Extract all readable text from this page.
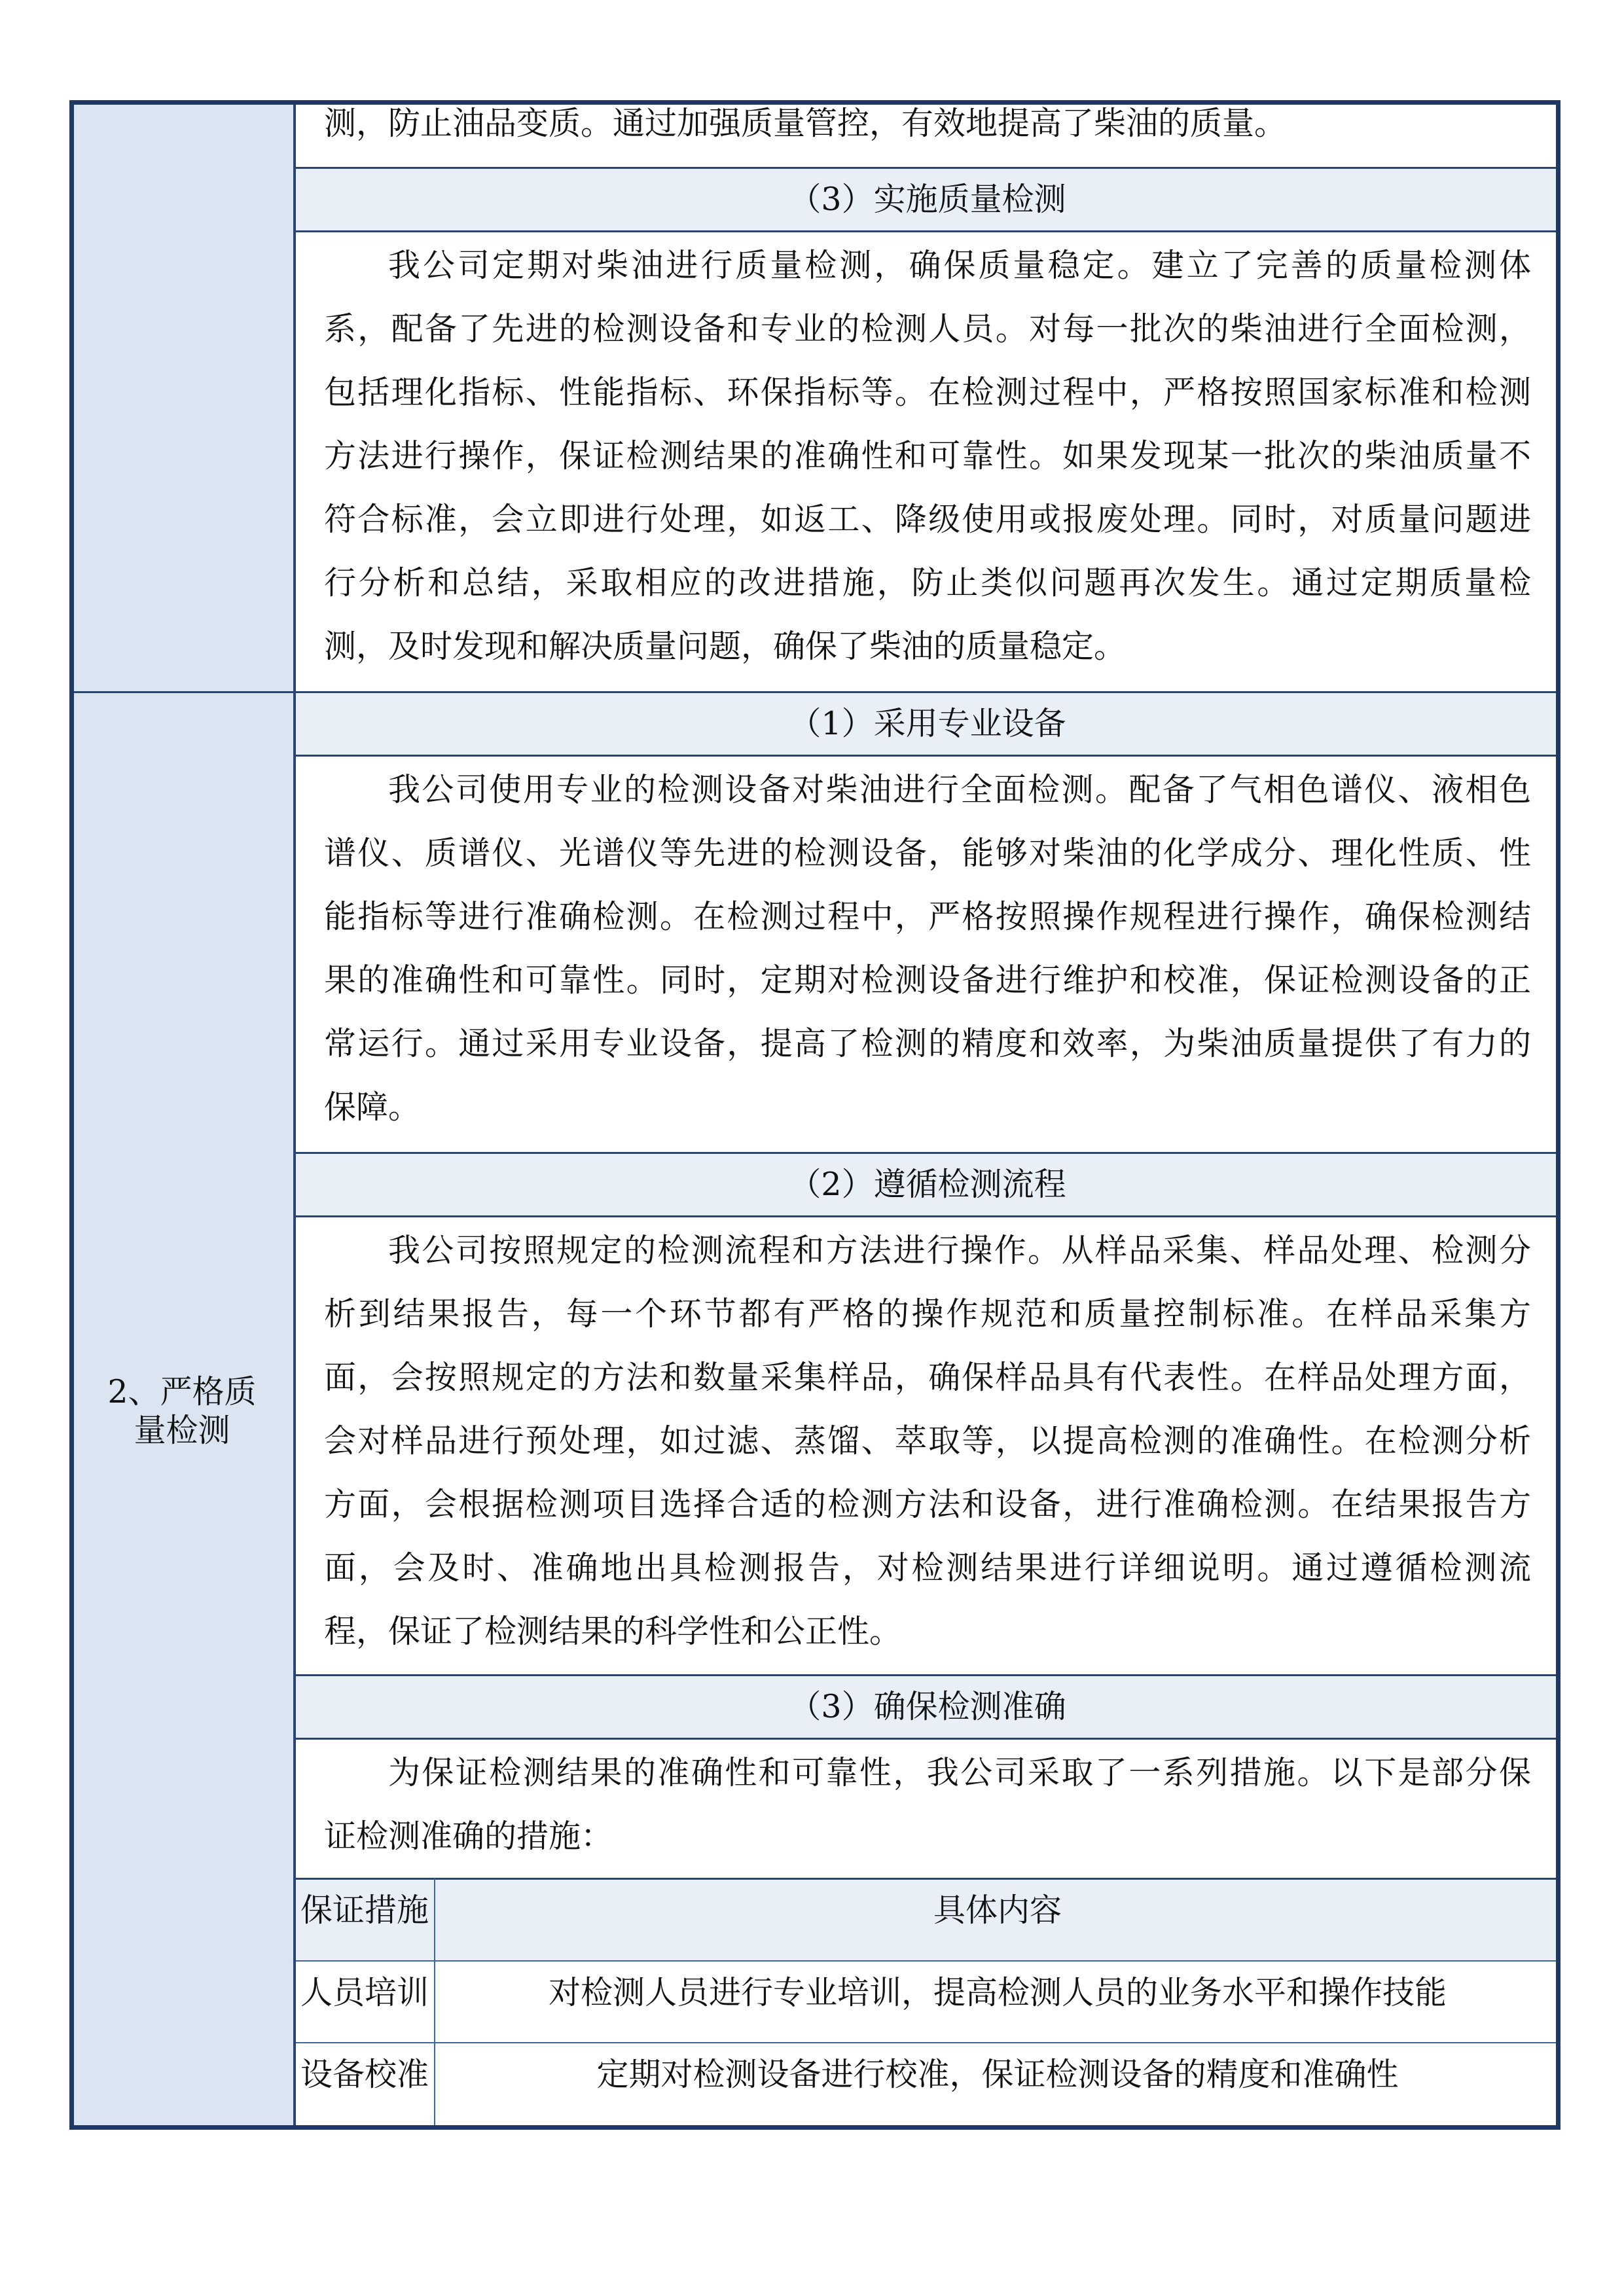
测，防止油品变质。通过加强质量管控，有效地提高了柴油的质量。
（3）实施质量检测
我公司定期对柴油进行质量检测，确保质量稳定。建立了完善的质量检测体
系，配备了先进的检测设备和专业的检测人员。对每一批次的柴油进行全面检测，
包括理化指标、性能指标、环保指标等。在检测过程中，严格按照国家标准和检测
方法进行操作，保证检测结果的准确性和可靠性。如果发现某一批次的柴油质量不
符合标准，会立即进行处理，如返工、降级使用或报废处理。同时，对质量问题进
行分析和总结，采取相应的改进措施，防止类似问题再次发生。通过定期质量检
测，及时发现和解决质量问题，确保了柴油的质量稳定。
2、严格质
量检测
（1）采用专业设备
我公司使用专业的检测设备对柴油进行全面检测。配备了气相色谱仪、液相色
谱仪、质谱仪、光谱仪等先进的检测设备，能够对柴油的化学成分、理化性质、性
能指标等进行准确检测。在检测过程中，严格按照操作规程进行操作，确保检测结
果的准确性和可靠性。同时，定期对检测设备进行维护和校准，保证检测设备的正
常运行。通过采用专业设备，提高了检测的精度和效率，为柴油质量提供了有力的
保障。
（2）遵循检测流程
我公司按照规定的检测流程和方法进行操作。从样品采集、样品处理、检测分
析到结果报告，每一个环节都有严格的操作规范和质量控制标准。在样品采集方
面，会按照规定的方法和数量采集样品，确保样品具有代表性。在样品处理方面，
会对样品进行预处理，如过滤、蒸馏、萃取等，以提高检测的准确性。在检测分析
方面，会根据检测项目选择合适的检测方法和设备，进行准确检测。在结果报告方
面，会及时、准确地出具检测报告，对检测结果进行详细说明。通过遵循检测流
程，保证了检测结果的科学性和公正性。
（3）确保检测准确
为保证检测结果的准确性和可靠性，我公司采取了一系列措施。以下是部分保
证检测准确的措施：
保证措施	具体内容
人员培训	对检测人员进行专业培训，提高检测人员的业务水平和操作技能
设备校准	定期对检测设备进行校准，保证检测设备的精度和准确性
